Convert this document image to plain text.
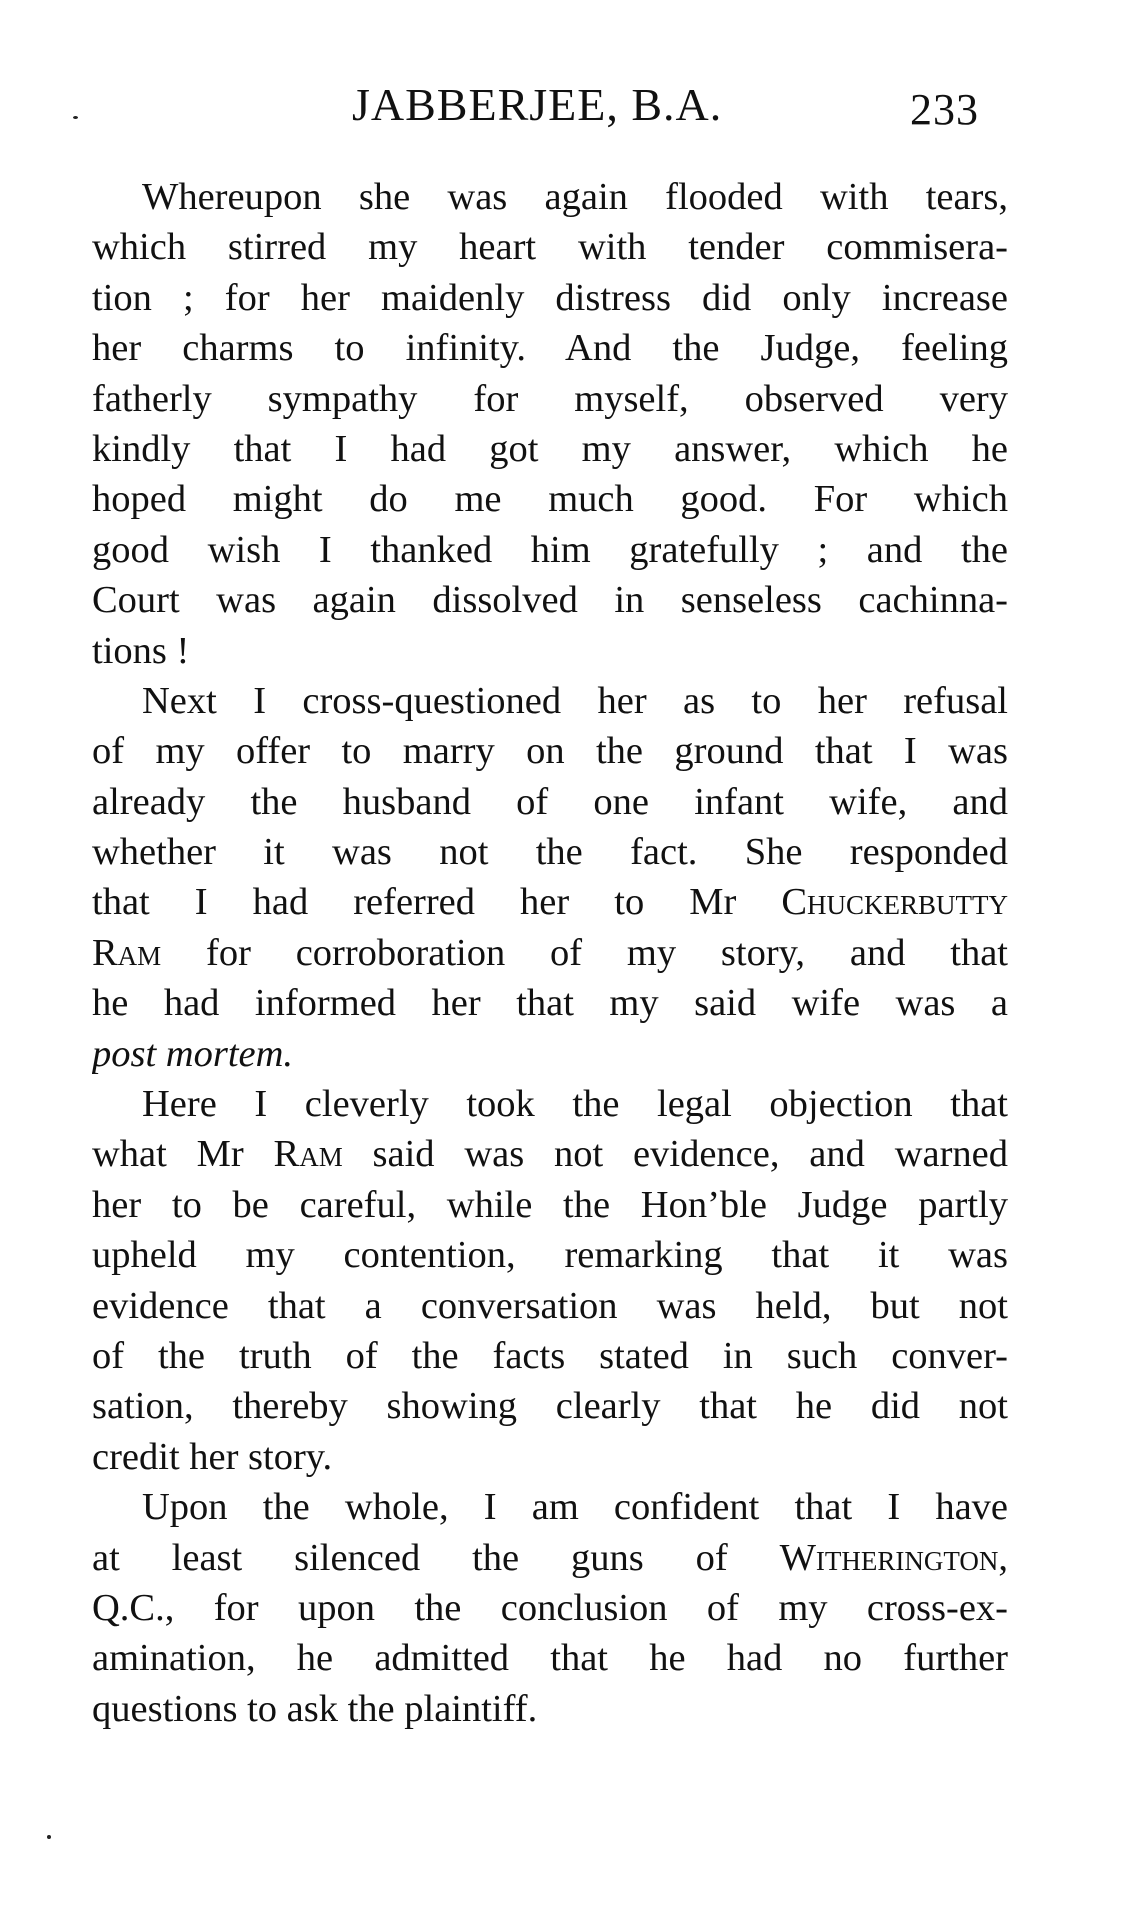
JABBERJEE, B.A.	233
Whereupon she was again flooded with tears,
which stirred my heart with tender commisera-
tion ; for her maidenly distress did only increase
her charms to infinity. And the Judge, feeling
fatherly sympathy for myself, observed very
kindly that I had got my answer, which he
hoped might do me much good. For which
good wish I thanked him gratefully ; and the
Court was again dissolved in senseless cachinna-
tions !
Next I cross-questioned her as to her refusal
of my offer to marry on the ground that I was
already the husband of one infant wife, and
whether it was not the fact. She responded
that I had referred her to Mr Chuckerbutty
Ram for corroboration of my story, and that
he had informed her that my said wife was a
post mortem.
Here I cleverly took the legal objection that
what Mr Ram said was not evidence, and warned
her to be careful, while the Hon’ble Judge partly
upheld my contention, remarking that it was
evidence that a conversation was held, but not
of the truth of the facts stated in such conver-
sation, thereby showing clearly that he did not
credit her story.
Upon the whole, I am confident that I have
at least silenced the guns of Witherington,
Q.C., for upon the conclusion of my cross-ex-
amination, he admitted that he had no further
questions to ask the plaintiff.
